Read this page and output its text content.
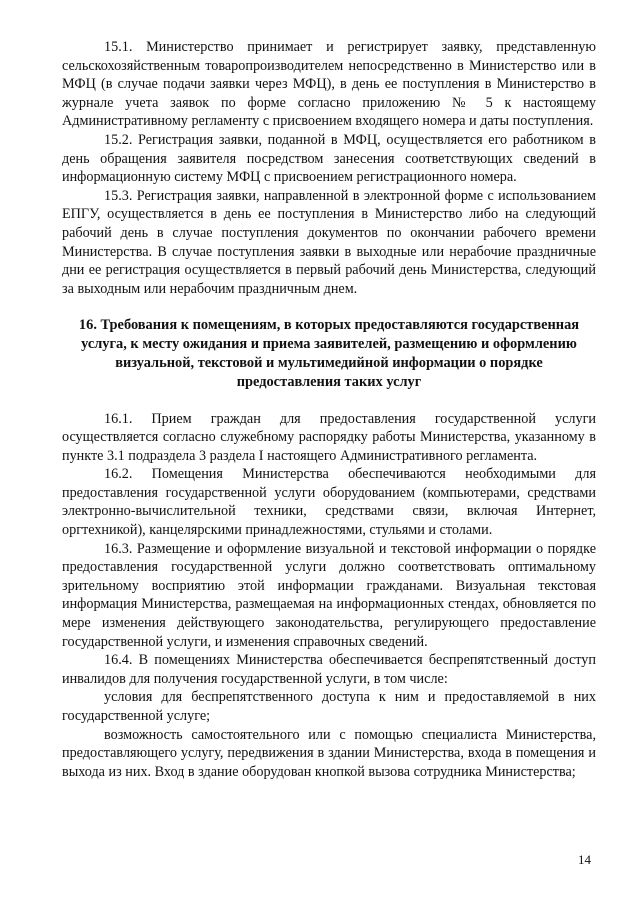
15.1. Министерство принимает и регистрирует заявку, представленную сельскохозяйственным товаропроизводителем непосредственно в Министерство или в МФЦ (в случае подачи заявки через МФЦ), в день ее поступления в Министерство в журнале учета заявок по форме согласно приложению № 5 к настоящему Административному регламенту с присвоением входящего номера и даты поступления.

15.2. Регистрация заявки, поданной в МФЦ, осуществляется его работником в день обращения заявителя посредством занесения соответствующих сведений в информационную систему МФЦ с присвоением регистрационного номера.

15.3. Регистрация заявки, направленной в электронной форме с использованием ЕПГУ, осуществляется в день ее поступления в Министерство либо на следующий рабочий день в случае поступления документов по окончании рабочего времени Министерства. В случае поступления заявки в выходные или нерабочие праздничные дни ее регистрация осуществляется в первый рабочий день Министерства, следующий за выходным или нерабочим праздничным днем.

16. Требования к помещениям, в которых предоставляются государственная услуга, к месту ожидания и приема заявителей, размещению и оформлению визуальной, текстовой и мультимедийной информации о порядке предоставления таких услуг

16.1. Прием граждан для предоставления государственной услуги осуществляется согласно служебному распорядку работы Министерства, указанному в пункте 3.1 подраздела 3 раздела I настоящего Административного регламента.

16.2. Помещения Министерства обеспечиваются необходимыми для предоставления государственной услуги оборудованием (компьютерами, средствами электронно-вычислительной техники, средствами связи, включая Интернет, оргтехникой), канцелярскими принадлежностями, стульями и столами.

16.3. Размещение и оформление визуальной и текстовой информации о порядке предоставления государственной услуги должно соответствовать оптимальному зрительному восприятию этой информации гражданами. Визуальная текстовая информация Министерства, размещаемая на информационных стендах, обновляется по мере изменения действующего законодательства, регулирующего предоставление государственной услуги, и изменения справочных сведений.

16.4. В помещениях Министерства обеспечивается беспрепятственный доступ инвалидов для получения государственной услуги, в том числе:

условия для беспрепятственного доступа к ним и предоставляемой в них государственной услуге;

возможность самостоятельного или с помощью специалиста Министерства, предоставляющего услугу, передвижения в здании Министерства, входа в помещения и выхода из них. Вход в здание оборудован кнопкой вызова сотрудника Министерства;

14
